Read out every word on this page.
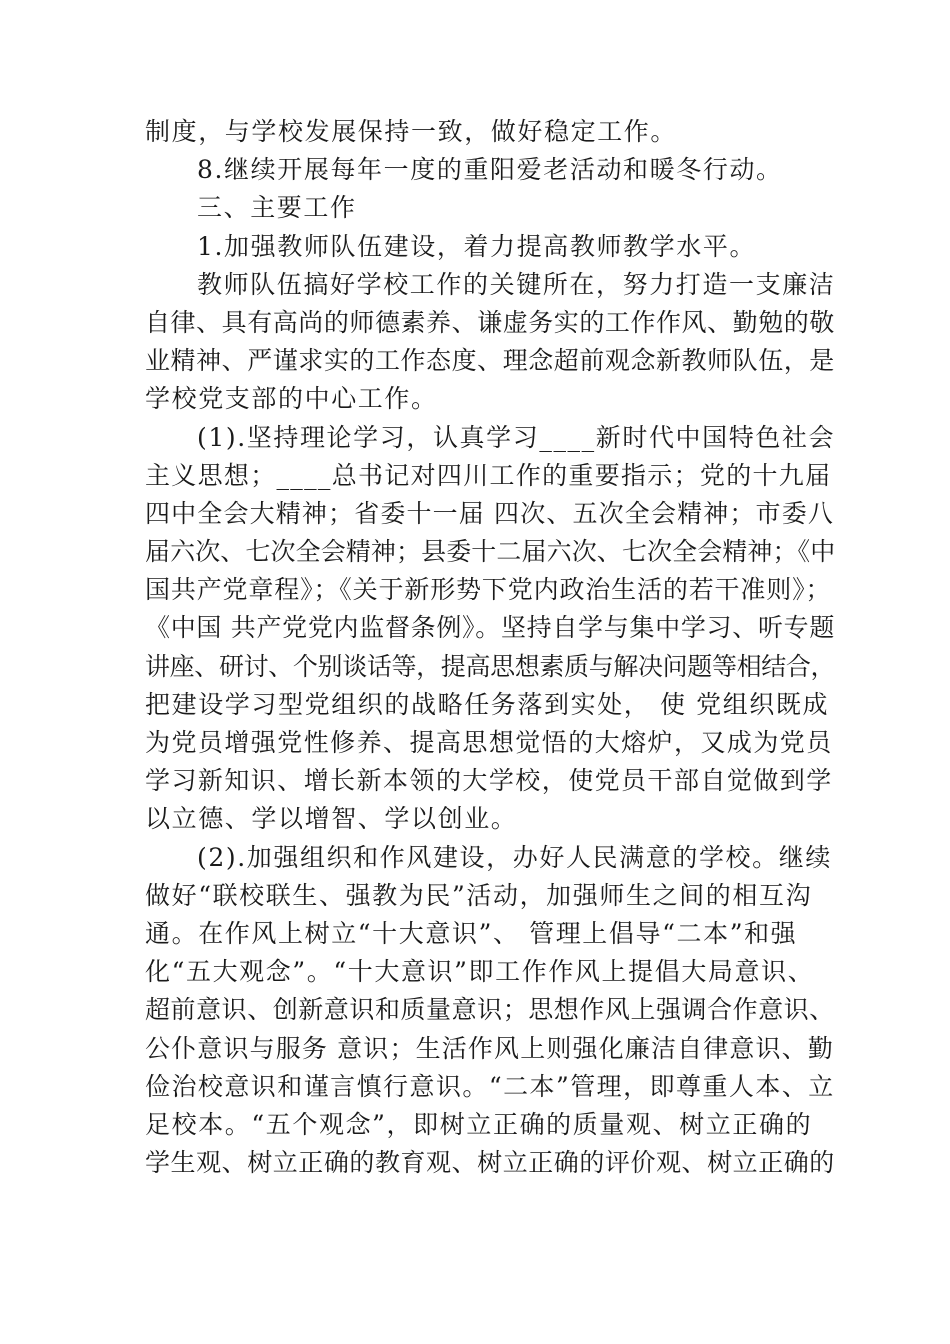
制度，与学校发展保持一致，做好稳定工作。
8.继续开展每年一度的重阳爱老活动和暖冬行动。
三、主要工作
1.加强教师队伍建设，着力提高教师教学水平。
教师队伍搞好学校工作的关键所在，努力打造一支廉洁
自律、具有高尚的师德素养、谦虚务实的工作作风、勤勉的敬
业精神、严谨求实的工作态度、理念超前观念新教师队伍，是
学校党支部的中心工作。
(1).坚持理论学习，认真学习____新时代中国特色社会
主义思想；____总书记对四川工作的重要指示；党的十九届
四中全会大精神；省委十一届 四次、五次全会精神；市委八
届六次、七次全会精神；县委十二届六次、七次全会精神；《中
国共产党章程》；《关于新形势下党内政治生活的若干准则》；
《中国 共产党党内监督条例》。坚持自学与集中学习、听专题
讲座、研讨、个别谈话等，提高思想素质与解决问题等相结合，
把建设学习型党组织的战略任务落到实处， 使 党组织既成
为党员增强党性修养、提高思想觉悟的大熔炉，又成为党员
学习新知识、增长新本领的大学校，使党员干部自觉做到学
以立德、学以增智、学以创业。
(2).加强组织和作风建设，办好人民满意的学校。继续
做好“联校联生、强教为民”活动，加强师生之间的相互沟
通。在作风上树立“十大意识”、 管理上倡导“二本”和强
化“五大观念”。“十大意识”即工作作风上提倡大局意识、
超前意识、创新意识和质量意识；思想作风上强调合作意识、
公仆意识与服务 意识；生活作风上则强化廉洁自律意识、勤
俭治校意识和谨言慎行意识。“二本”管理，即尊重人本、立
足校本。“五个观念”，即树立正确的质量观、树立正确的
学生观、树立正确的教育观、树立正确的评价观、树立正确的
